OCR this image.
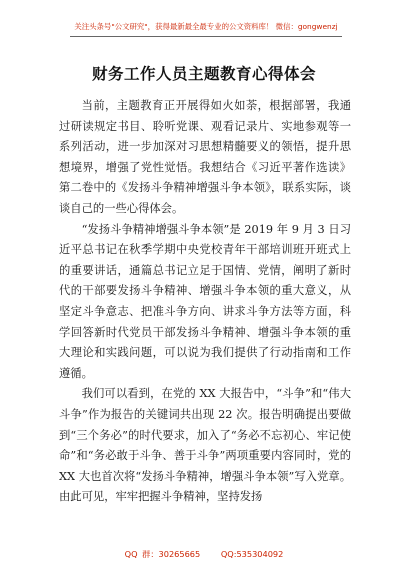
关注头条号"公文研究"，获得最新最全最专业的公文资料库！ 微信：gongwenzj
财务工作人员主题教育心得体会

当前，主题教育正开展得如火如荼，根据部署，我通过研读规定书目、聆听党课、观看记录片、实地参观等一系列活动，进一步加深对习思想精髓要义的领悟，提升思想境界，增强了党性觉悟。我想结合《习近平著作选读》第二卷中的《发扬斗争精神增强斗争本领》，联系实际，谈谈自己的一些心得体会。

“发扬斗争精神增强斗争本领”是 2019 年 9 月 3 日习近平总书记在秋季学期中央党校青年干部培训班开班式上的重要讲话，通篇总书记立足于国情、党情，阐明了新时代的干部要发扬斗争精神、增强斗争本领的重大意义，从坚定斗争意志、把准斗争方向、讲求斗争方法等方面，科学回答新时代党员干部发扬斗争精神、增强斗争本领的重大理论和实践问题，可以说为我们提供了行动指南和工作遵循。

我们可以看到，在党的 XX 大报告中，“斗争”和“伟大斗争”作为报告的关键词共出现 22 次。报告明确提出要做到“三个务必”的时代要求，加入了“务必不忘初心、牢记使命”和“务必敢于斗争、善于斗争”两项重要内容同时，党的 XX 大也首次将“发扬斗争精神，增强斗争本领”写入党章。由此可见，牢牢把握斗争精神，坚持发扬

QQ 群：30265665	QQ:535304092
